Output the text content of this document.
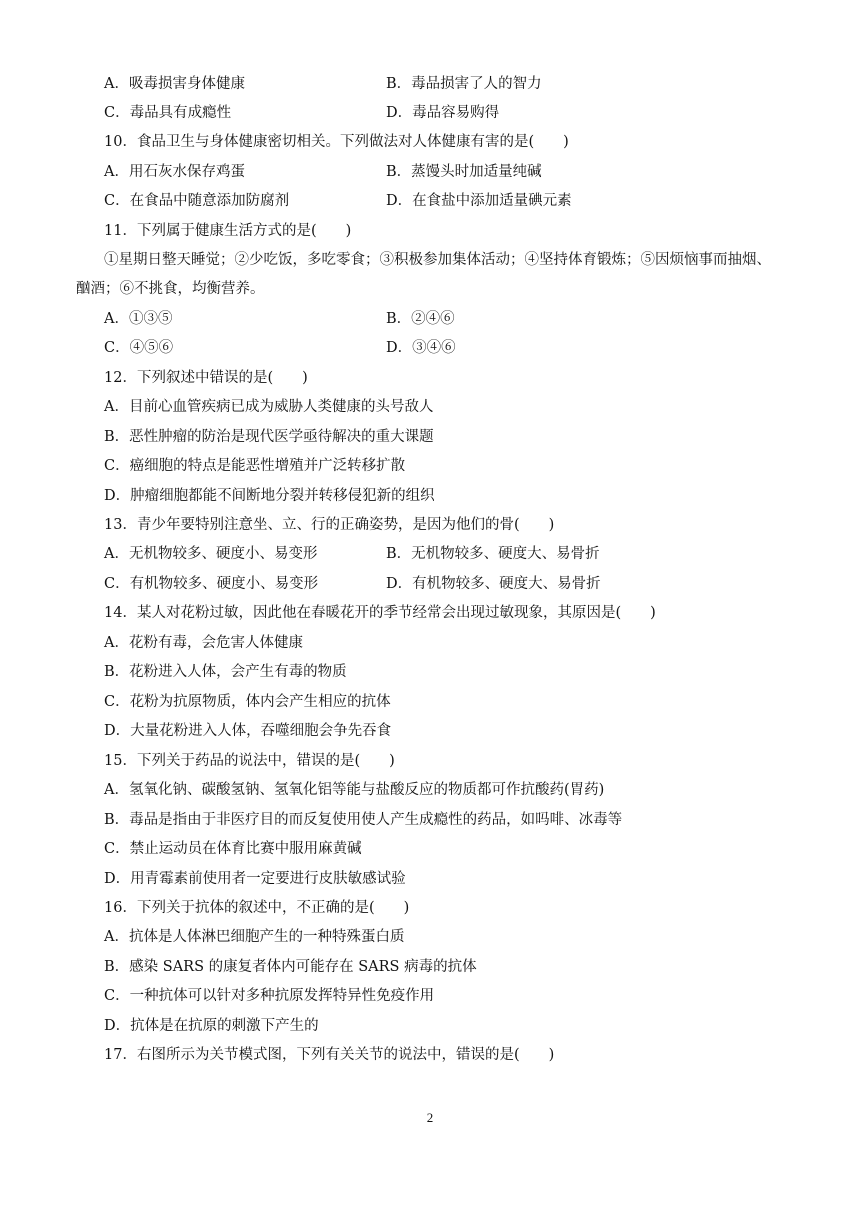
A．吸毒损害身体健康	B．毒品损害了人的智力
C．毒品具有成瘾性	D．毒品容易购得
10．食品卫生与身体健康密切相关。下列做法对人体健康有害的是(　　)
A．用石灰水保存鸡蛋	B．蒸馒头时加适量纯碱
C．在食品中随意添加防腐剂	D．在食盐中添加适量碘元素
11．下列属于健康生活方式的是(　　)
①星期日整天睡觉；②少吃饭，多吃零食；③积极参加集体活动；④坚持体育锻炼；⑤因烦恼事而抽烟、
酗酒；⑥不挑食，均衡营养。
A．①③⑤	B．②④⑥
C．④⑤⑥	D．③④⑥
12．下列叙述中错误的是(　　)
A．目前心血管疾病已成为威胁人类健康的头号敌人
B．恶性肿瘤的防治是现代医学亟待解决的重大课题
C．癌细胞的特点是能恶性增殖并广泛转移扩散
D．肿瘤细胞都能不间断地分裂并转移侵犯新的组织
13．青少年要特别注意坐、立、行的正确姿势，是因为他们的骨(　　)
A．无机物较多、硬度小、易变形	B．无机物较多、硬度大、易骨折
C．有机物较多、硬度小、易变形	D．有机物较多、硬度大、易骨折
14．某人对花粉过敏，因此他在春暖花开的季节经常会出现过敏现象，其原因是(　　)
A．花粉有毒，会危害人体健康
B．花粉进入人体，会产生有毒的物质
C．花粉为抗原物质，体内会产生相应的抗体
D．大量花粉进入人体，吞噬细胞会争先吞食
15．下列关于药品的说法中，错误的是(　　)
A．氢氧化钠、碳酸氢钠、氢氧化铝等能与盐酸反应的物质都可作抗酸药(胃药)
B．毒品是指由于非医疗目的而反复使用使人产生成瘾性的药品，如吗啡、冰毒等
C．禁止运动员在体育比赛中服用麻黄碱
D．用青霉素前使用者一定要进行皮肤敏感试验
16．下列关于抗体的叙述中，不正确的是(　　)
A．抗体是人体淋巴细胞产生的一种特殊蛋白质
B．感染 SARS 的康复者体内可能存在 SARS 病毒的抗体
C．一种抗体可以针对多种抗原发挥特异性免疫作用
D．抗体是在抗原的刺激下产生的
17．右图所示为关节模式图，下列有关关节的说法中，错误的是(　　)
2
